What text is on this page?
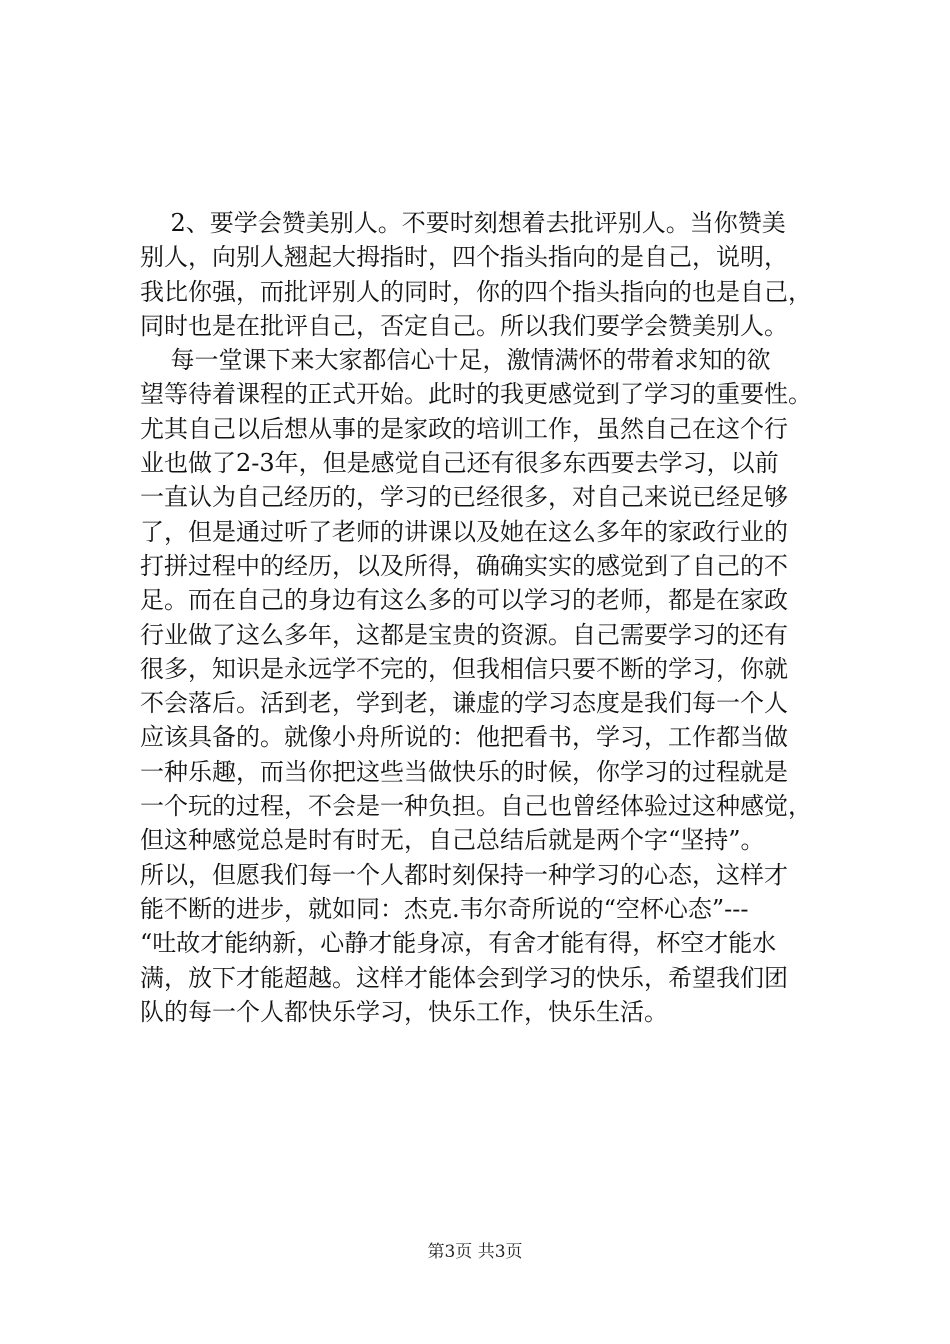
2、要学会赞美别人。不要时刻想着去批评别人。当你赞美
别人，向别人翘起大拇指时，四个指头指向的是自己，说明，
我比你强，而批评别人的同时，你的四个指头指向的也是自己，
同时也是在批评自己，否定自己。所以我们要学会赞美别人。
每一堂课下来大家都信心十足，激情满怀的带着求知的欲
望等待着课程的正式开始。此时的我更感觉到了学习的重要性。
尤其自己以后想从事的是家政的培训工作，虽然自己在这个行
业也做了2-3年，但是感觉自己还有很多东西要去学习，以前
一直认为自己经历的，学习的已经很多，对自己来说已经足够
了，但是通过听了老师的讲课以及她在这么多年的家政行业的
打拼过程中的经历，以及所得，确确实实的感觉到了自己的不
足。而在自己的身边有这么多的可以学习的老师，都是在家政
行业做了这么多年，这都是宝贵的资源。自己需要学习的还有
很多，知识是永远学不完的，但我相信只要不断的学习，你就
不会落后。活到老，学到老，谦虚的学习态度是我们每一个人
应该具备的。就像小舟所说的：他把看书，学习，工作都当做
一种乐趣，而当你把这些当做快乐的时候，你学习的过程就是
一个玩的过程，不会是一种负担。自己也曾经体验过这种感觉，
但这种感觉总是时有时无，自己总结后就是两个字“坚持”。
所以，但愿我们每一个人都时刻保持一种学习的心态，这样才
能不断的进步，就如同：杰克.韦尔奇所说的“空杯心态”---
“吐故才能纳新，心静才能身凉，有舍才能有得，杯空才能水
满，放下才能超越。这样才能体会到学习的快乐，希望我们团
队的每一个人都快乐学习，快乐工作，快乐生活。
第3页 共3页
